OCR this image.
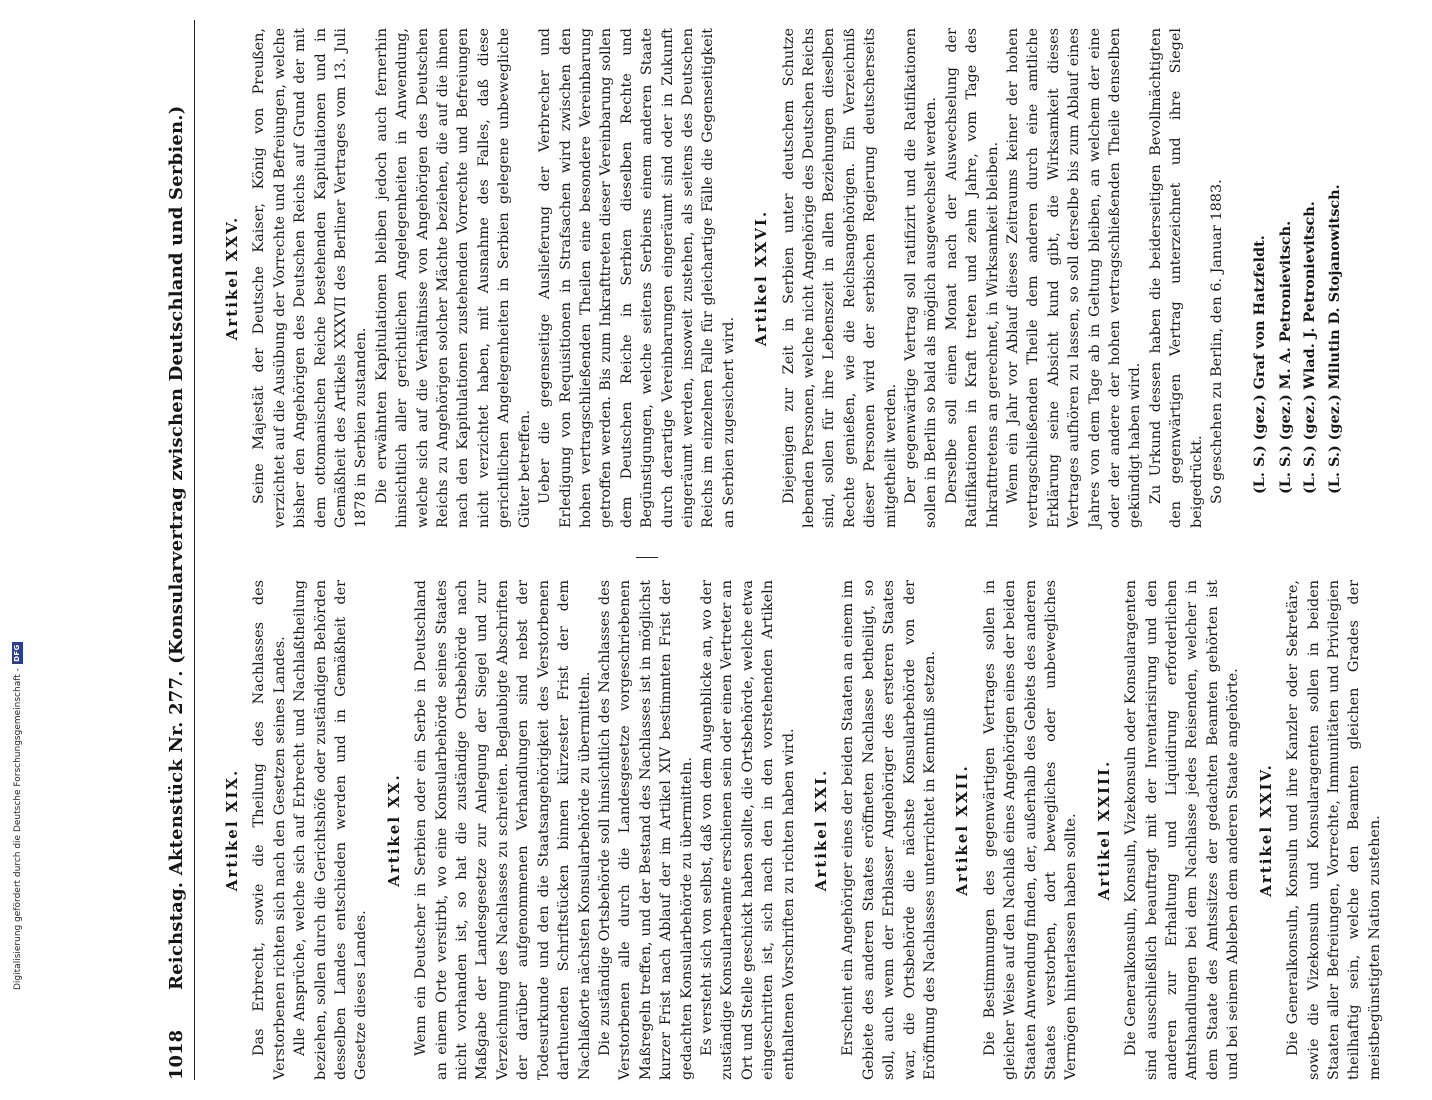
1018
Reichstag. Aktenstück Nr. 277. (Konsularvertrag zwischen Deutschland und Serbien.) Artikel XIX. Das Erbrecht, sowie die Theilung des Nachlasses des Verstorbenen richten sich nach den Gesetzen seines Landes. Alle Ansprüche, welche sich auf Erbrecht und Nachlaßtheilung beziehen, sollen durch die Gerichtshöfe oder zuständigen Behörden desselben Landes entschieden werden und in Gemäßheit der Gesetze dieses Landes.

Artikel XX. Wenn ein Deutscher in Serbien oder ein Serbe in Deutschland an einem Orte verstirbt, wo eine Konsularbehörde seines Staates nicht vorhanden ist, so hat die zuständige Ortsbehörde nach Maßgabe der Landesgesetze zur Anlegung der Siegel und zur Verzeichnung des Nachlasses zu schreiten. Beglaubigte Abschriften der darüber aufgenommenen Verhandlungen sind nebst der Todesurkunde und den die Staatsangehörigkeit des Verstorbenen darthuenden Schriftstücken binnen kürzester Frist der dem Nachlaßorte nächsten Konsularbehörde zu übermitteln. Die zuständige Ortsbehörde soll hinsichtlich des Nachlasses des Verstorbenen alle durch die Landesgesetze vorgeschriebenen Maßregeln treffen, und der Bestand des Nachlasses ist in möglichst kurzer Frist nach Ablauf der im Artikel XIV bestimmten Frist der gedachten Konsularbehörde zu übermitteln. Es versteht sich von selbst, daß von dem Augenblicke an, wo der zuständige Konsularbeamte erschienen sein oder einen Vertreter an Ort und Stelle geschickt haben sollte, die Ortsbehörde, welche etwa eingeschritten ist, sich nach den in den vorstehenden Artikeln enthaltenen Vorschriften zu richten haben wird. Artikel XXI. Erscheint ein Angehöriger eines der beiden Staaten an einem im Gebiete des anderen Staates eröffneten Nachlasse betheiligt, so soll, auch wenn der Erblasser Angehöriger des ersteren Staates war, die Ortsbehörde die nächste Konsularbehörde von der Eröffnung des Nachlasses unterrichtet in Kenntniß setzen. Artikel XXII. Die Bestimmungen des gegenwärtigen Vertrages sollen in gleicher Weise auf den Nachlaß eines Angehörigen eines der beiden Staaten Anwendung finden, der, außerhalb des Gebiets des anderen Staates verstorben, dort bewegliches oder unbewegliches Vermögen hinterlassen haben sollte. Artikel XXIII. Die Generalkonsuln, Konsuln, Vizekonsuln oder Konsularagenten sind ausschließlich beauftragt mit der Inventarisirung und den anderen zur Erhaltung und Liquidirung erforderlichen Amtshandlungen bei dem Nachlasse jedes Reisenden, welcher in dem Staate des Amtssitzes der gedachten Beamten gehörten ist und bei seinem Ableben dem anderen Staate angehörte. Artikel XXIV. Die Generalkonsuln, Konsuln und ihre Kanzler oder Sekretäre, sowie die Vizekonsuln und Konsularagenten sollen in beiden Staaten aller Befreiungen, Vorrechte, Immunitäten und Privilegien theilhaftig sein, welche den Beamten gleichen Grades der meistbegünstigten Nation zustehen.

Artikel XXV. Seine Majestät der Deutsche Kaiser, König von Preußen, verzichtet auf die Ausübung der Vorrechte und Befreiungen, welche bisher den Angehörigen des Deutschen Reichs auf Grund der mit dem ottomanischen Reiche bestehenden Kapitulationen und in Gemäßheit des Artikels XXXVII des Berliner Vertrages vom 13. Juli 1878 in Serbien zustanden. Die erwähnten Kapitulationen bleiben jedoch auch fernerhin hinsichtlich aller gerichtlichen Angelegenheiten in Anwendung, welche sich auf die Verhältnisse von Angehörigen des Deutschen Reichs zu Angehörigen solcher Mächte beziehen, die auf die ihnen nach den Kapitulationen zustehenden Vorrechte und Befreiungen nicht verzichtet haben, mit Ausnahme des Falles, daß diese gerichtlichen Angelegenheiten in Serbien gelegene unbewegliche Güter betreffen. Ueber die gegenseitige Auslieferung der Verbrecher und Erledigung von Requisitionen in Strafsachen wird zwischen den hohen vertragschließenden Theilen eine besondere Vereinbarung getroffen werden. Bis zum Inkrafttreten dieser Vereinbarung sollen dem Deutschen Reiche in Serbien dieselben Rechte und Begünstigungen, welche seitens Serbiens einem anderen Staate durch derartige Vereinbarungen eingeräumt sind oder in Zukunft eingeräumt werden, insoweit zustehen, als seitens des Deutschen Reichs im einzelnen Falle für gleichartige Fälle die Gegenseitigkeit an Serbien zugesichert wird.

Artikel XXVI. Diejenigen zur Zeit in Serbien unter deutschem Schutze lebenden Personen, welche nicht Angehörige des Deutschen Reichs sind, sollen für ihre Lebenszeit in allen Beziehungen dieselben Rechte genießen, wie die Reichsangehörigen. Ein Verzeichniß dieser Personen wird der serbischen Regierung deutscherseits mitgetheilt werden. Der gegenwärtige Vertrag soll ratifizirt und die Ratifikationen sollen in Berlin so bald als möglich ausgewechselt werden. Derselbe soll einen Monat nach der Auswechselung der Ratifikationen in Kraft treten und zehn Jahre, vom Tage des Inkrafttretens an gerechnet, in Wirksamkeit bleiben. Wenn ein Jahr vor Ablauf dieses Zeitraums keiner der hohen vertragschließenden Theile dem anderen durch eine amtliche Erklärung seine Absicht kund gibt, die Wirksamkeit dieses Vertrages aufhören zu lassen, so soll derselbe bis zum Ablauf eines Jahres von dem Tage ab in Geltung bleiben, an welchem der eine oder der andere der hohen vertragschließenden Theile denselben gekündigt haben wird. Zu Urkund dessen haben die beiderseitigen Bevollmächtigten den gegenwärtigen Vertrag unterzeichnet und ihre Siegel beigedrückt. So geschehen zu Berlin, den 6. Januar 1883. (L. S.) (gez.) Graf von Hatzfeldt. (L. S.) (gez.) M. A. Petronievitsch. (L. S.) (gez.) Wlad. J. Petronievitsch. (L. S.) (gez.) Milutin D. Stojanowitsch.
Digitalisierung gefördert durch die Deutsche Forschungsgemeinschaft -
DFG
